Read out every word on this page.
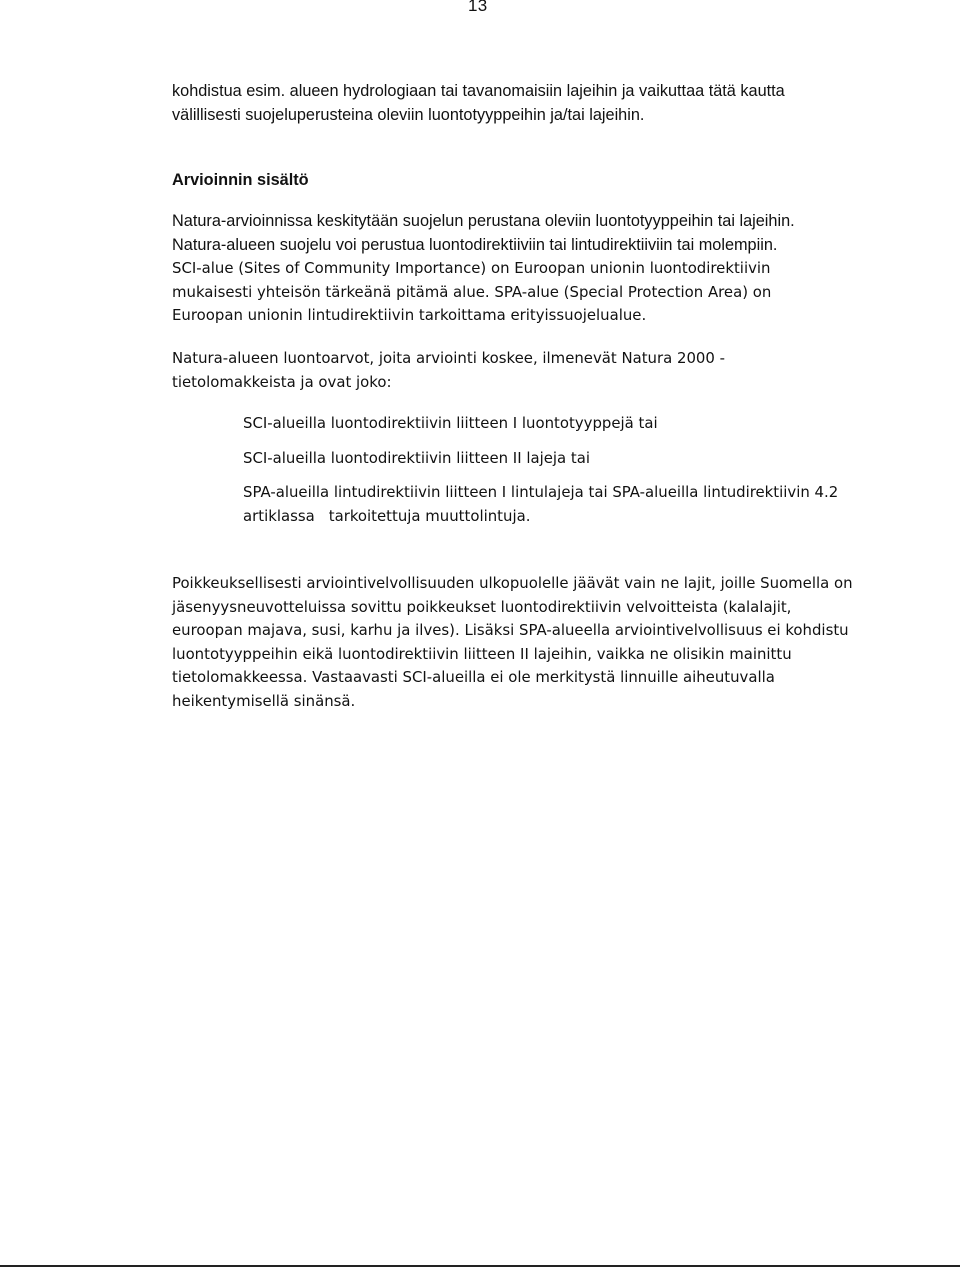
13

kohdistua esim. alueen hydrologiaan tai tavanomaisiin lajeihin ja vaikuttaa tätä kautta
välillisesti suojeluperusteina oleviin luontotyyppeihin ja/tai lajeihin.

Arvioinnin sisältö

Natura-arvioinnissa keskitytään suojelun perustana oleviin luontotyyppeihin tai lajeihin.
Natura-alueen suojelu voi perustua luontodirektiiviin tai lintudirektiiviin tai molempiin.

SCI-alue (Sites of Community Importance) on Euroopan unionin luontodirektiivin
mukaisesti yhteisön tärkeänä pitämä alue. SPA-alue (Special Protection Area) on
Euroopan unionin lintudirektiivin tarkoittama erityissuojelualue.

Natura-alueen luontoarvot, joita arviointi koskee, ilmenevät Natura 2000 -
tietolomakkeista ja ovat joko:

SCI-alueilla luontodirektiivin liitteen I luontotyyppejä tai

SCI-alueilla luontodirektiivin liitteen II lajeja tai

SPA-alueilla lintudirektiivin liitteen I lintulajeja tai SPA-alueilla lintudirektiivin 4.2
artiklassa tarkoitettuja muuttolintuja.

Poikkeuksellisesti arviointivelvollisuuden ulkopuolelle jäävät vain ne lajit, joille Suomella on
jäsenyysneuvotteluissa sovittu poikkeukset luontodirektiivin velvoitteista (kalalajit,
euroopan majava, susi, karhu ja ilves). Lisäksi SPA-alueella arviointivelvollisuus ei kohdistu
luontotyyppeihin eikä luontodirektiivin liitteen II lajeihin, vaikka ne olisikin mainittu
tietolomakkeessa. Vastaavasti SCI-alueilla ei ole merkitystä linnuille aiheutuvalla
heikentymisellä sinänsä.
